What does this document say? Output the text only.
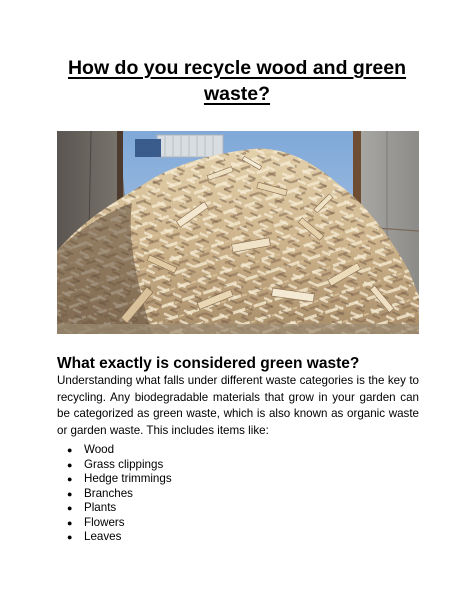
How do you recycle wood and green waste?
What exactly is considered green waste?

Understanding what falls under different waste categories is the key to recycling. Any biodegradable materials that grow in your garden can be categorized as green waste, which is also known as organic waste or garden waste. This includes items like:

● Wood
● Grass clippings
● Hedge trimmings
● Branches
● Plants
● Flowers
● Leaves
